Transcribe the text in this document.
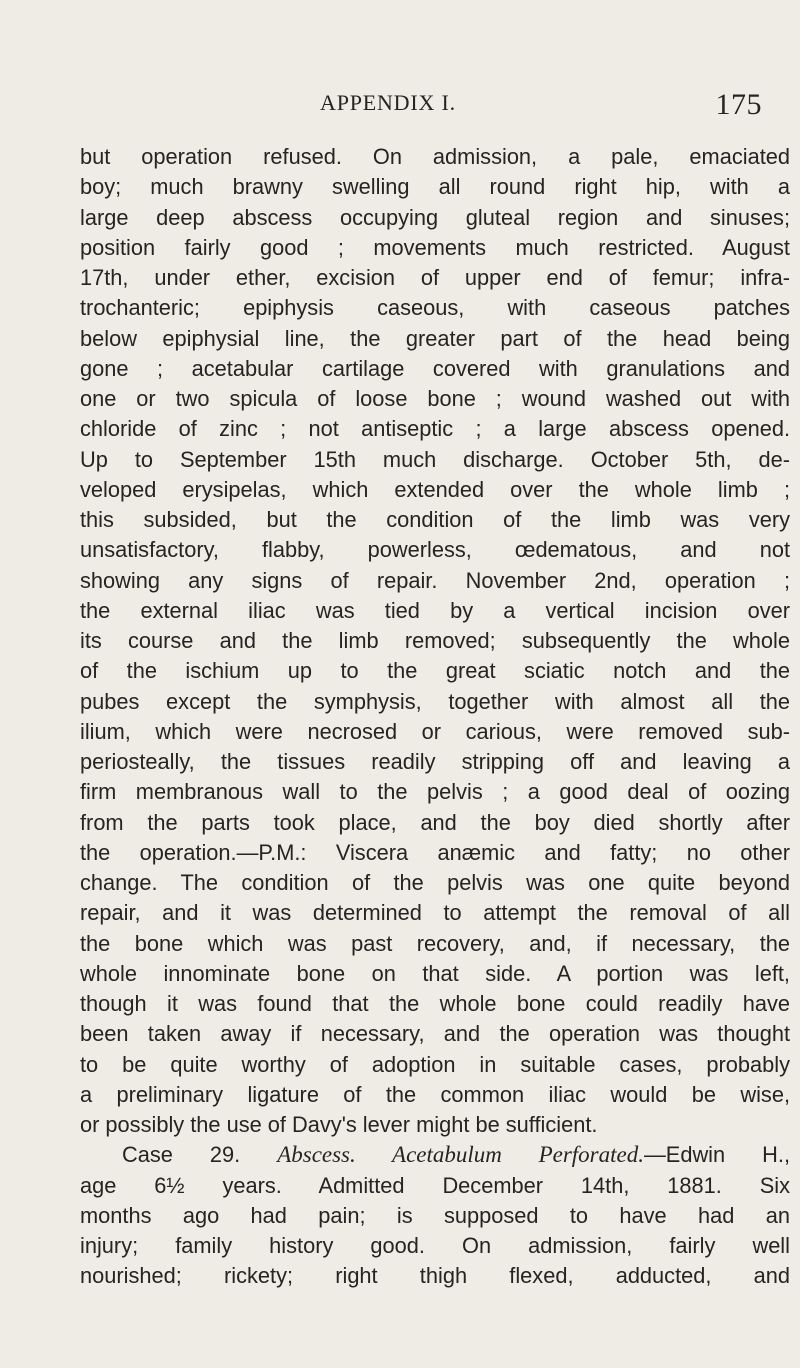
APPENDIX I.	175
but operation refused. On admission, a pale, emaciated
boy; much brawny swelling all round right hip, with a
large deep abscess occupying gluteal region and sinuses;
position fairly good ; movements much restricted. August
17th, under ether, excision of upper end of femur; infra-
trochanteric; epiphysis caseous, with caseous patches
below epiphysial line, the greater part of the head being
gone ; acetabular cartilage covered with granulations and
one or two spicula of loose bone ; wound washed out with
chloride of zinc ; not antiseptic ; a large abscess opened.
Up to September 15th much discharge. October 5th, de-
veloped erysipelas, which extended over the whole limb ;
this subsided, but the condition of the limb was very
unsatisfactory, flabby, powerless, œdematous, and not
showing any signs of repair. November 2nd, operation ;
the external iliac was tied by a vertical incision over
its course and the limb removed; subsequently the whole
of the ischium up to the great sciatic notch and the
pubes except the symphysis, together with almost all the
ilium, which were necrosed or carious, were removed sub-
periosteally, the tissues readily stripping off and leaving a
firm membranous wall to the pelvis ; a good deal of oozing
from the parts took place, and the boy died shortly after
the operation.—P.M.: Viscera anæmic and fatty; no other
change. The condition of the pelvis was one quite beyond
repair, and it was determined to attempt the removal of all
the bone which was past recovery, and, if necessary, the
whole innominate bone on that side. A portion was left,
though it was found that the whole bone could readily have
been taken away if necessary, and the operation was thought
to be quite worthy of adoption in suitable cases, probably
a preliminary ligature of the common iliac would be wise,
or possibly the use of Davy's lever might be sufficient.
Case 29. Abscess. Acetabulum Perforated.—Edwin H.,
age 6½ years. Admitted December 14th, 1881. Six
months ago had pain; is supposed to have had an
injury; family history good. On admission, fairly well
nourished; rickety; right thigh flexed, adducted, and
